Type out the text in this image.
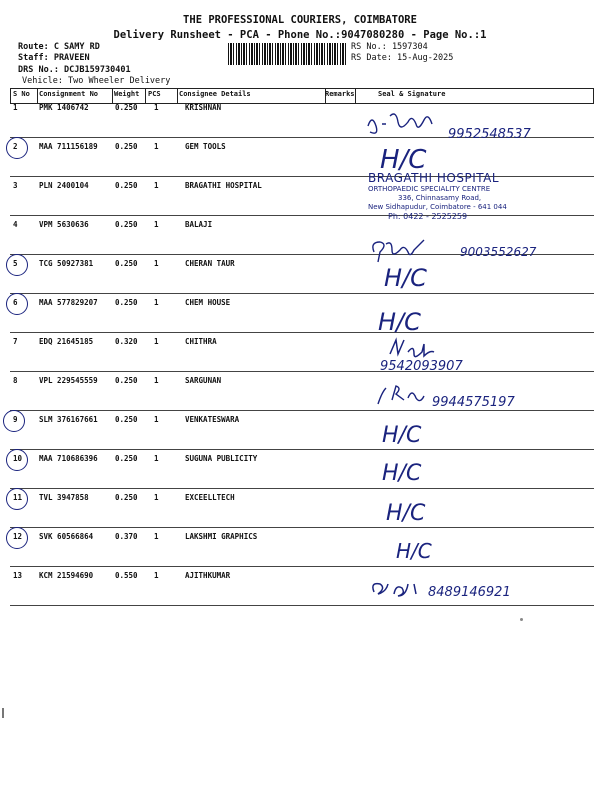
THE PROFESSIONAL COURIERS, COIMBATORE
Delivery Runsheet - PCA - Phone No.:9047080280 - Page No.:1
Route: C SAMY RD
Staff: PRAVEEN
DRS No.: DCJB159730401
Vehicle: Two Wheeler Delivery
RS No.: 1597304
RS Date: 15-Aug-2025
S No Consignment No Weight PCS	Consignee Details	Remarks	Seal & Signature
1	PMK 1406742	0.250 1	KRISHNAN
2	MAA 711156189 0.250 1	GEM TOOLS
3	PLN 2400104	0.250 1	BRAGATHI HOSPITAL
4	VPM 5630636	0.250 1	BALAJI
5	TCG 50927381	0.250 1	CHERAN TAUR
6	MAA 577829207 0.250 1	CHEM HOUSE
7	EDQ 21645185	0.320 1	CHITHRA
8	VPL 229545559 0.250 1	SARGUNAN
9	SLM 376167661 0.250 1	VENKATESWARA
10 MAA 710686396 0.250 1	SUGUNA PUBLICITY
11 TVL 3947858	0.250 1	EXCEELLTECH
12 SVK 60566864	0.370 1	LAKSHMI GRAPHICS
13 KCM 21594690	0.550 1	AJITHKUMAR
9952548537
H/C
BRAGATHI HOSPITAL
ORTHOPAEDIC SPECIALITY CENTRE
336, Chinnasamy Road,
New Sidhapudur, Coimbatore - 641 044
Ph: 0422 - 2525259
9003552627
H/C
H/C
9542093907
9944575197
H/C
H/C
H/C
H/C
8489146921
